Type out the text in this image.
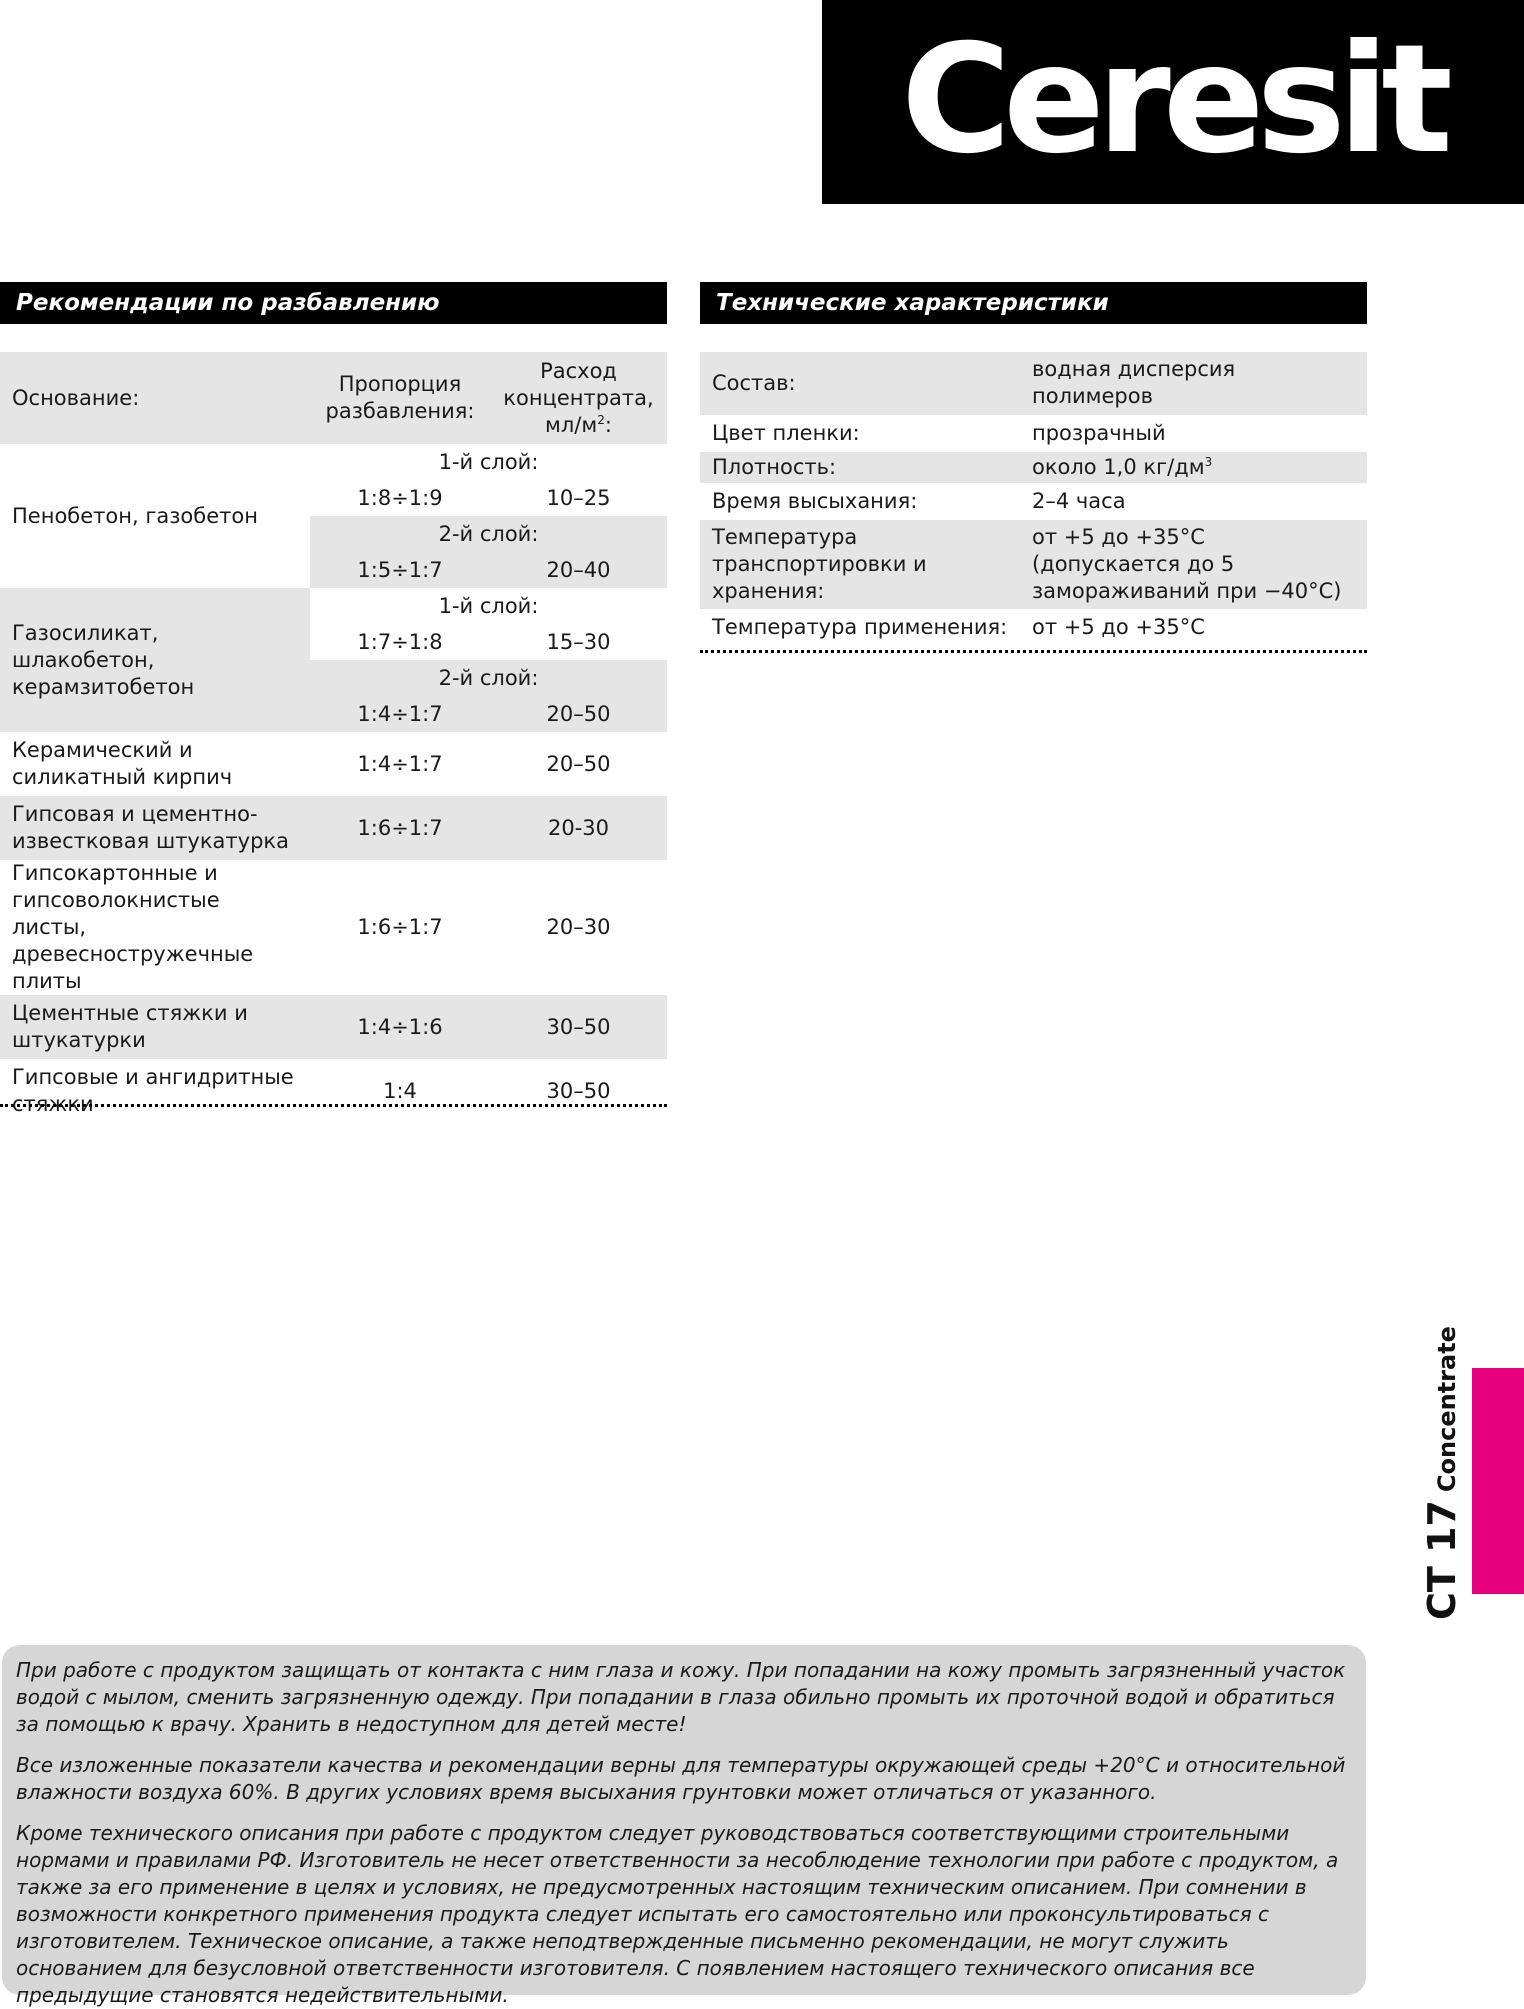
Ceresit
Рекомендации по разбавлению	Технические характеристики
Основание:	Пропорция разбавления:	Расход концентрата, $мл/м^2$:
Пенобетон, газобетон	1-й слой:	
	1:8÷1:9	10–25
	2-й слой:	
	1:5÷1:7	20–40
Газосиликат, шлакобетон, керамзитобетон	1-й слой:	
	1:7÷1:8	15–30
	2-й слой:	
	1:4÷1:7	20–50
Керамический и силикатный кирпич	1:4÷1:7	20–50
Гипсовая и цементно-известковая штукатурка	1:6÷1:7	20-30
Гипсокартонные и гипсоволокнистые листы, древесностружечные плиты	1:6÷1:7	20–30
Цементные стяжки и штукатурки	1:4÷1:6	30–50
Гипсовые и ангидритные стяжки	1:4	30–50
Состав:	водная дисперсия полимеров
Цвет пленки:	прозрачный
Плотность:	около 1,0 $кг/дм^3$
Время высыхания:	2–4 часа
Температура транспортировки и хранения:	от +5 до +35°C (допускается до 5 замораживаний при −40°C)
Температура применения:	от +5 до +35°C
CT 17Concentrate

При работе с продуктом защищать от контакта с ним глаза и кожу. При попадании на кожу промыть загрязненный участок водой с мылом, сменить загрязненную одежду. При попадании в глаза обильно промыть их проточной водой и обратиться за помощью к врачу. Хранить в недоступном для детей месте!

Все изложенные показатели качества и рекомендации верны для температуры окружающей среды +20°C и относительной влажности воздуха 60%. В других условиях время высыхания грунтовки может отличаться от указанного.

Кроме технического описания при работе с продуктом следует руководствоваться соответствующими строительными нормами и правилами РФ. Изготовитель не несет ответственности за несоблюдение технологии при работе с продуктом, а также за его применение в целях и условиях, не предусмотренных настоящим техническим описанием. При сомнении в возможности конкретного применения продукта следует испытать его самостоятельно или проконсультироваться с изготовителем. Техническое описание, а также неподтвержденные письменно рекомендации, не могут служить основанием для безусловной ответственности изготовителя. С появлением настоящего технического описания все предыдущие становятся недействительными.
